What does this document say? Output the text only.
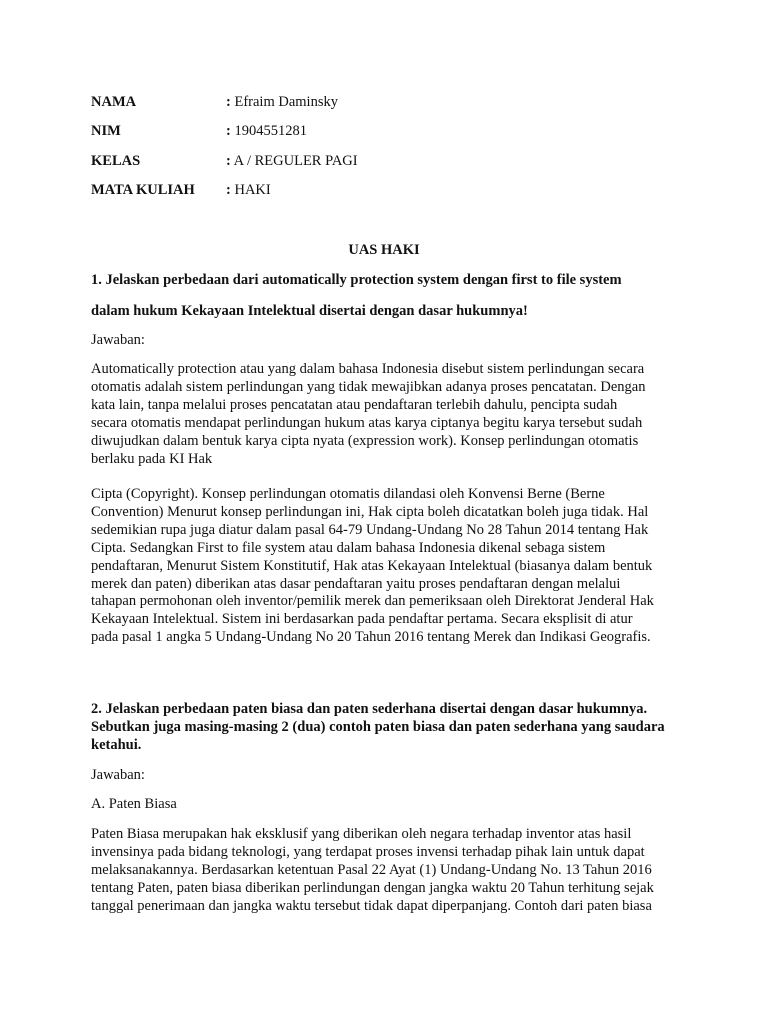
NAMA	: Efraim Daminsky
NIM	: 1904551281
KELAS	: A / REGULER PAGI
MATA KULIAH : HAKI
UAS HAKI
1. Jelaskan perbedaan dari automatically protection system dengan first to file system
dalam hukum Kekayaan Intelektual disertai dengan dasar hukumnya!
Jawaban:
Automatically protection atau yang dalam bahasa Indonesia disebut sistem perlindungan secara
otomatis adalah sistem perlindungan yang tidak mewajibkan adanya proses pencatatan. Dengan
kata lain, tanpa melalui proses pencatatan atau pendaftaran terlebih dahulu, pencipta sudah
secara otomatis mendapat perlindungan hukum atas karya ciptanya begitu karya tersebut sudah
diwujudkan dalam bentuk karya cipta nyata (expression work). Konsep perlindungan otomatis
berlaku pada KI Hak
Cipta (Copyright). Konsep perlindungan otomatis dilandasi oleh Konvensi Berne (Berne
Convention) Menurut konsep perlindungan ini, Hak cipta boleh dicatatkan boleh juga tidak. Hal
sedemikian rupa juga diatur dalam pasal 64-79 Undang-Undang No 28 Tahun 2014 tentang Hak
Cipta. Sedangkan First to file system atau dalam bahasa Indonesia dikenal sebaga sistem
pendaftaran, Menurut Sistem Konstitutif, Hak atas Kekayaan Intelektual (biasanya dalam bentuk
merek dan paten) diberikan atas dasar pendaftaran yaitu proses pendaftaran dengan melalui
tahapan permohonan oleh inventor/pemilik merek dan pemeriksaan oleh Direktorat Jenderal Hak
Kekayaan Intelektual. Sistem ini berdasarkan pada pendaftar pertama. Secara eksplisit di atur
pada pasal 1 angka 5 Undang-Undang No 20 Tahun 2016 tentang Merek dan Indikasi Geografis.
2. Jelaskan perbedaan paten biasa dan paten sederhana disertai dengan dasar hukumnya.
Sebutkan juga masing-masing 2 (dua) contoh paten biasa dan paten sederhana yang saudara
ketahui.
Jawaban:
A. Paten Biasa
Paten Biasa merupakan hak eksklusif yang diberikan oleh negara terhadap inventor atas hasil
invensinya pada bidang teknologi, yang terdapat proses invensi terhadap pihak lain untuk dapat
melaksanakannya. Berdasarkan ketentuan Pasal 22 Ayat (1) Undang-Undang No. 13 Tahun 2016
tentang Paten, paten biasa diberikan perlindungan dengan jangka waktu 20 Tahun terhitung sejak
tanggal penerimaan dan jangka waktu tersebut tidak dapat diperpanjang. Contoh dari paten biasa
